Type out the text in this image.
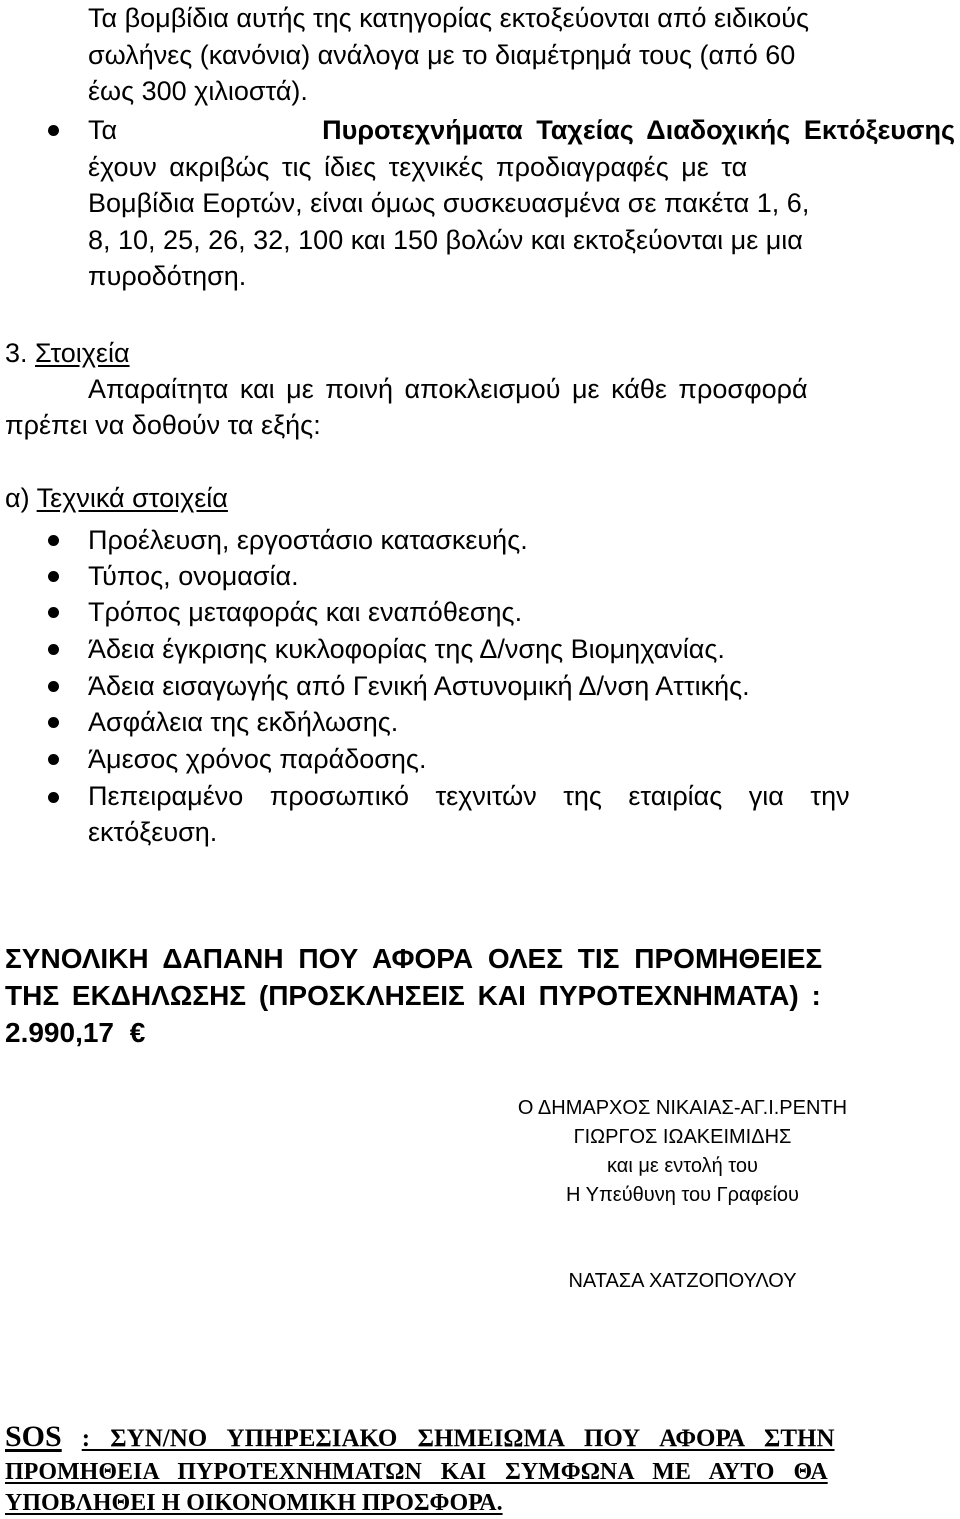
Τα βομβίδια αυτής της κατηγορίας εκτοξεύονται από ειδικούς
σωλήνες (κανόνια) ανάλογα με το διαμέτρημά τους (από 60
έως 300 χιλιοστά).
Τα	Πυροτεχνήματα Ταχείας Διαδοχικής Εκτόξευσης
έχουν ακριβώς τις ίδιες τεχνικές προδιαγραφές με τα
Βομβίδια Εορτών, είναι όμως συσκευασμένα σε πακέτα 1, 6,
8, 10, 25, 26, 32, 100 και 150 βολών και εκτοξεύονται με μια
πυροδότηση.
3. Στοιχεία
Απαραίτητα και με ποινή αποκλεισμού με κάθε προσφορά
πρέπει να δοθούν τα εξής:
α) Τεχνικά στοιχεία
Προέλευση, εργοστάσιο κατασκευής.
Τύπος, ονομασία.
Τρόπος μεταφοράς και εναπόθεσης.
Άδεια έγκρισης κυκλοφορίας της Δ/νσης Βιομηχανίας.
Άδεια εισαγωγής από Γενική Αστυνομική Δ/νση Αττικής.
Ασφάλεια της εκδήλωσης.
Άμεσος χρόνος παράδοσης.
Πεπειραμένο προσωπικό τεχνιτών της εταιρίας για την
εκτόξευση.
ΣΥΝΟΛΙΚΗ ΔΑΠΑΝΗ ΠΟΥ ΑΦΟΡΑ ΟΛΕΣ ΤΙΣ ΠΡΟΜΗΘΕΙΕΣ
ΤΗΣ ΕΚΔΗΛΩΣΗΣ (ΠΡΟΣΚΛΗΣΕΙΣ ΚΑΙ ΠΥΡΟΤΕΧΝΗΜΑΤΑ) :
2.990,17 €
Ο ΔΗΜΑΡΧΟΣ ΝΙΚΑΙΑΣ-ΑΓ.Ι.ΡΕΝΤΗ
ΓΙΩΡΓΟΣ ΙΩΑΚΕΙΜΙΔΗΣ
και με εντολή του
Η Υπεύθυνη του Γραφείου
ΝΑΤΑΣΑ ΧΑΤΖΟΠΟΥΛΟΥ
SOS : ΣΥΝ/ΝΟ ΥΠΗΡΕΣΙΑΚΟ ΣΗΜΕΙΩΜΑ ΠΟΥ ΑΦΟΡΑ ΣΤΗΝ
ΠΡΟΜΗΘΕΙΑ ΠΥΡΟΤΕΧΝΗΜΑΤΩΝ ΚΑΙ ΣΥΜΦΩΝΑ ΜΕ ΑΥΤΟ ΘΑ
ΥΠΟΒΛΗΘΕΙ Η ΟΙΚΟΝΟΜΙΚΗ ΠΡΟΣΦΟΡΑ.
